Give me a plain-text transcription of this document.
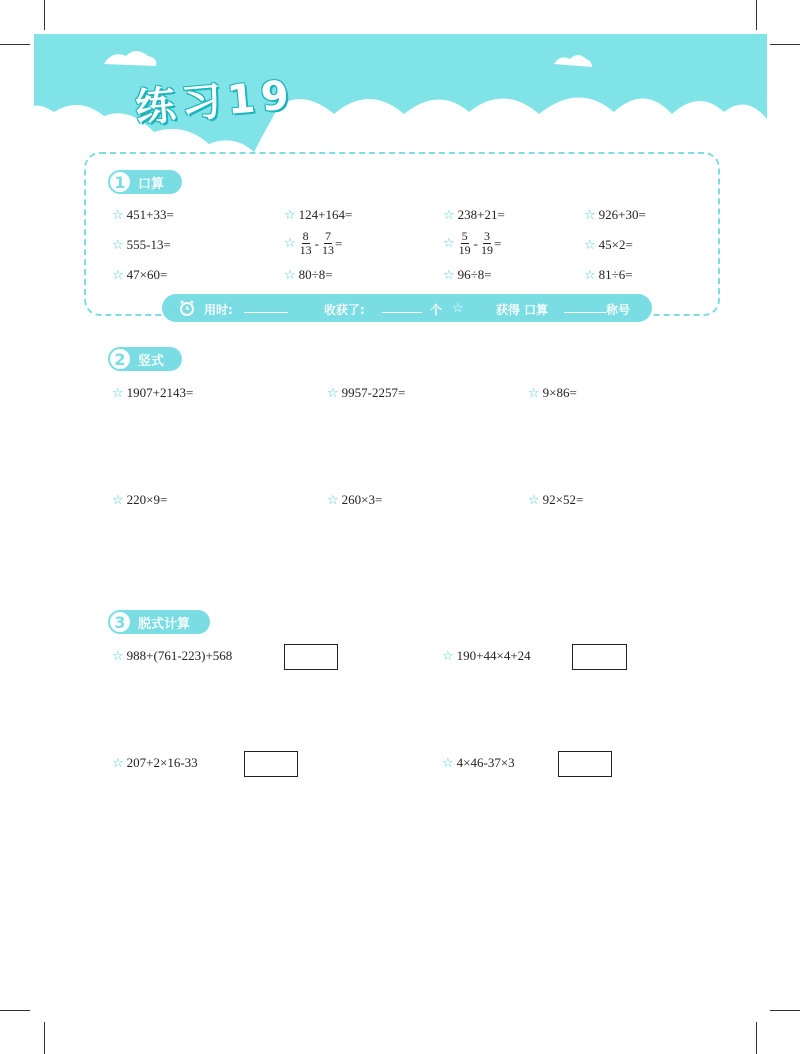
练习19
1 口算
☆ 451+33=	☆ 124+164=	☆ 238+21=	☆ 926+30=
☆ 555-13=	☆ $\frac{8}{13} - \frac{7}{13}$ =	☆ $\frac{5}{19} - \frac{3}{19}$ =	☆ 45×2=
☆ 47×60=	☆ 80÷8=	☆ 96÷8=	☆ 81÷6=
用时:	收获了:	个 ☆	获得 口算	称号
2 竖式
☆ 1907+2143=	☆ 9957-2257=	☆ 9×86=
☆ 220×9=	☆ 260×3=	☆ 92×52=
3 脱式计算
☆ 988+(761-223)+568	☆ 190+44×4+24
☆ 207+2×16-33	☆ 4×46-37×3
